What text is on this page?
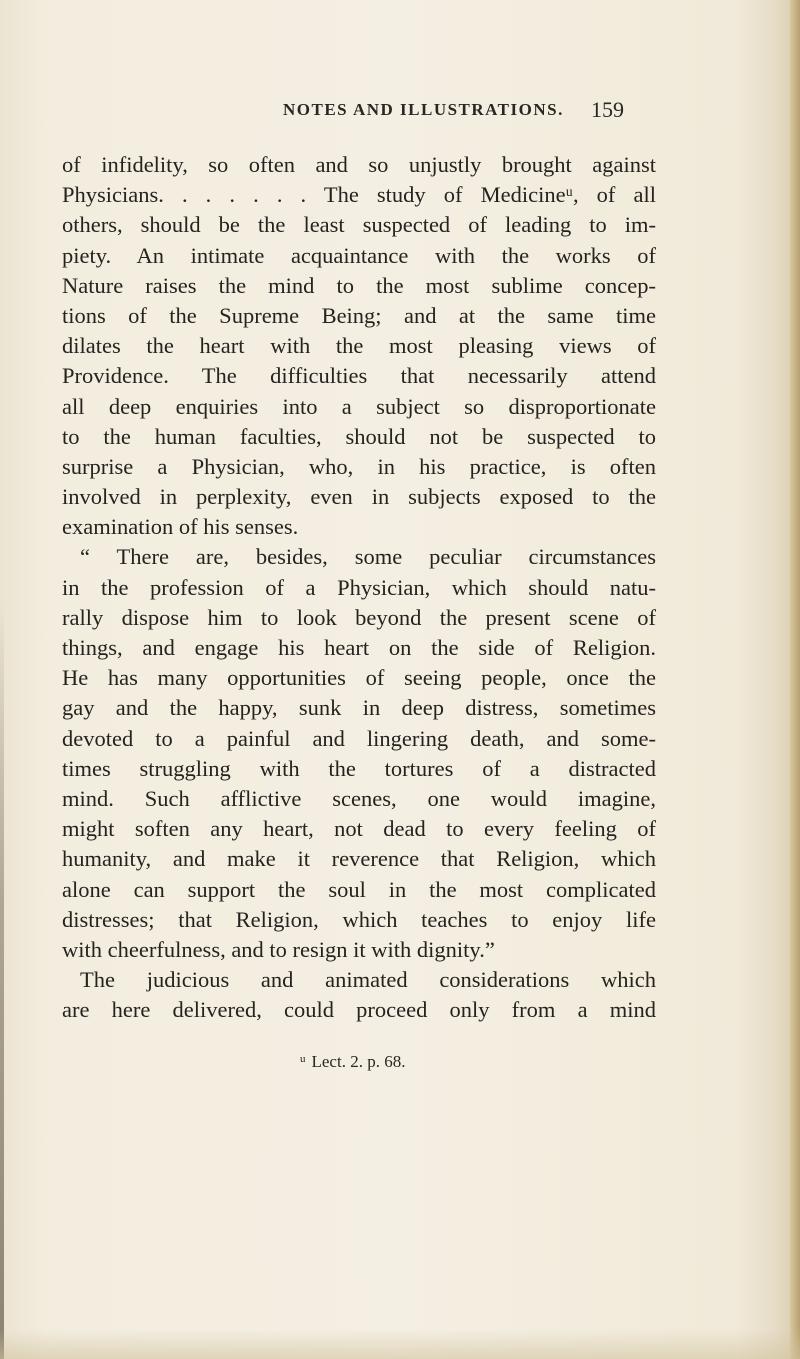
NOTES AND ILLUSTRATIONS. 159
of infidelity, so often and so unjustly brought against
Physicians. . . . . . . The study of Medicineᵘ, of all
others, should be the least suspected of leading to im-
piety. An intimate acquaintance with the works of
Nature raises the mind to the most sublime concep-
tions of the Supreme Being; and at the same time
dilates the heart with the most pleasing views of
Providence. The difficulties that necessarily attend
all deep enquiries into a subject so disproportionate
to the human faculties, should not be suspected to
surprise a Physician, who, in his practice, is often
involved in perplexity, even in subjects exposed to the
examination of his senses.
“ There are, besides, some peculiar circumstances
in the profession of a Physician, which should natu-
rally dispose him to look beyond the present scene of
things, and engage his heart on the side of Religion.
He has many opportunities of seeing people, once the
gay and the happy, sunk in deep distress, sometimes
devoted to a painful and lingering death, and some-
times struggling with the tortures of a distracted
mind. Such afflictive scenes, one would imagine,
might soften any heart, not dead to every feeling of
humanity, and make it reverence that Religion, which
alone can support the soul in the most complicated
distresses; that Religion, which teaches to enjoy life
with cheerfulness, and to resign it with dignity.”
The judicious and animated considerations which
are here delivered, could proceed only from a mind
$^u$ Lect. 2. p. 68.
